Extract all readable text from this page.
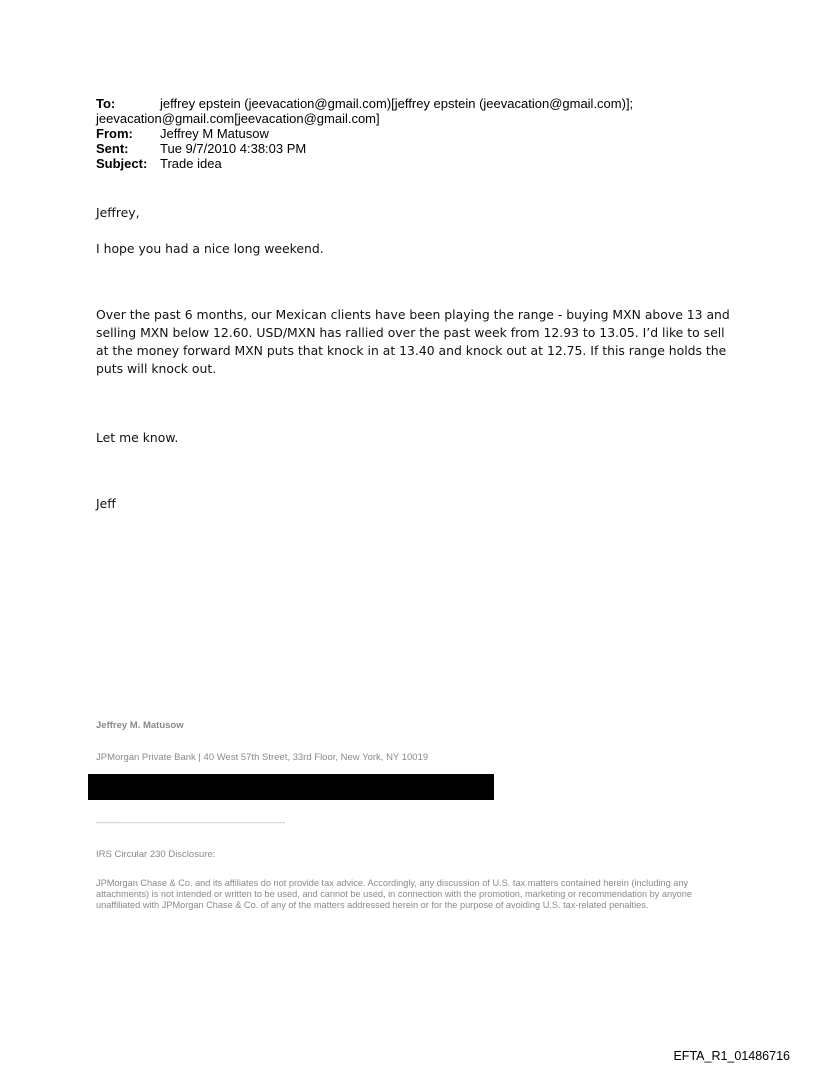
To:	jeffrey epstein (jeevacation@gmail.com)[jeffrey epstein (jeevacation@gmail.com)];
jeevacation@gmail.com[jeevacation@gmail.com]
From:	Jeffrey M Matusow
Sent:	Tue 9/7/2010 4:38:03 PM
Subject: Trade idea
Jeffrey,
I hope you had a nice long weekend.
Over the past 6 months, our Mexican clients have been playing the range - buying MXN above 13 and selling MXN below 12.60. USD/MXN has rallied over the past week from 12.93 to 13.05. I’d like to sell at the money forward MXN puts that knock in at 13.40 and knock out at 12.75. If this range holds the puts will knock out.
Let me know.
Jeff
Jeffrey M. Matusow
JPMorgan Private Bank | 40 West 57th Street, 33rd Floor, New York, NY 10019
-----------------------------------------------------------------------
IRS Circular 230 Disclosure:
JPMorgan Chase & Co. and its affiliates do not provide tax advice. Accordingly, any discussion of U.S. tax matters contained herein (including any attachments) is not intended or written to be used, and cannot be used, in connection with the promotion, marketing or recommendation by anyone unaffiliated with JPMorgan Chase & Co. of any of the matters addressed herein or for the purpose of avoiding U.S. tax-related penalties.
EFTA_R1_01486716
